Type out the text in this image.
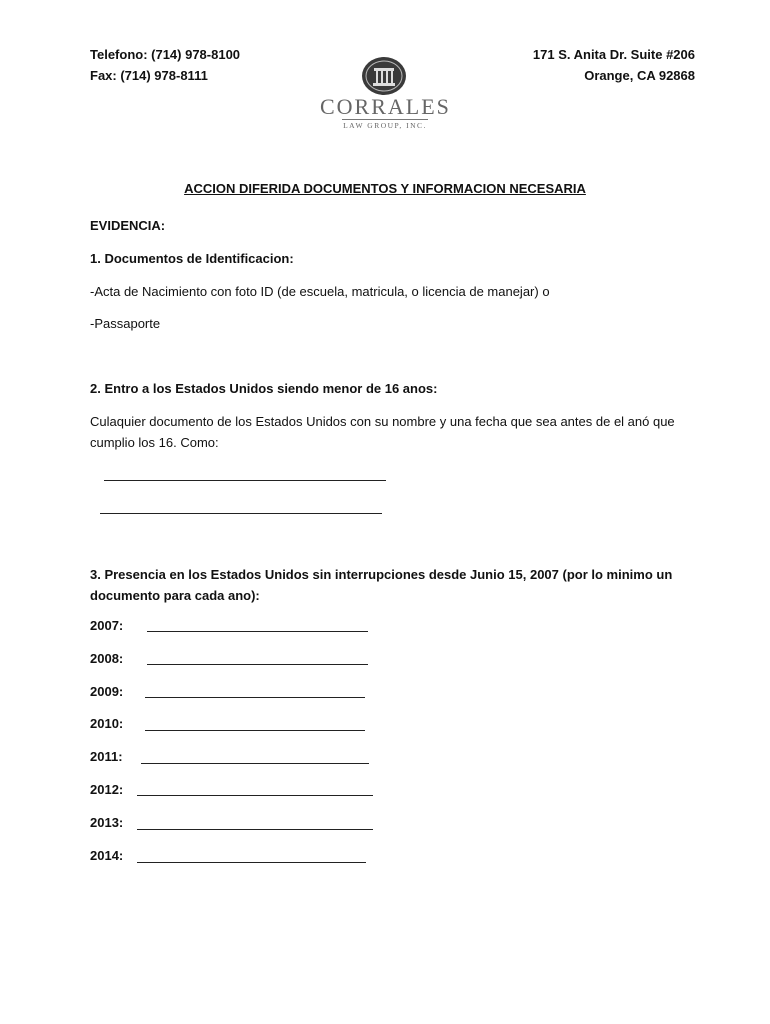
Telefono: (714) 978-8100
Fax: (714) 978-8111
171 S. Anita Dr. Suite #206
Orange, CA 92868
CORRALES
LAW GROUP, INC.
ACCION DIFERIDA DOCUMENTOS Y INFORMACION NECESARIA
EVIDENCIA:
1. Documentos de Identificacion:
-Acta de Nacimiento con foto ID (de escuela, matricula, o licencia de manejar) o
-Passaporte
2. Entro a los Estados Unidos siendo menor de 16 anos:
Culaquier documento de los Estados Unidos con su nombre y una fecha que sea antes de el anó que
cumplio los 16. Como:
3. Presencia en los Estados Unidos sin interrupciones desde Junio 15, 2007 (por lo minimo un
documento para cada ano):
2007:
2008:
2009:
2010:
2011:
2012:
2013:
2014:
